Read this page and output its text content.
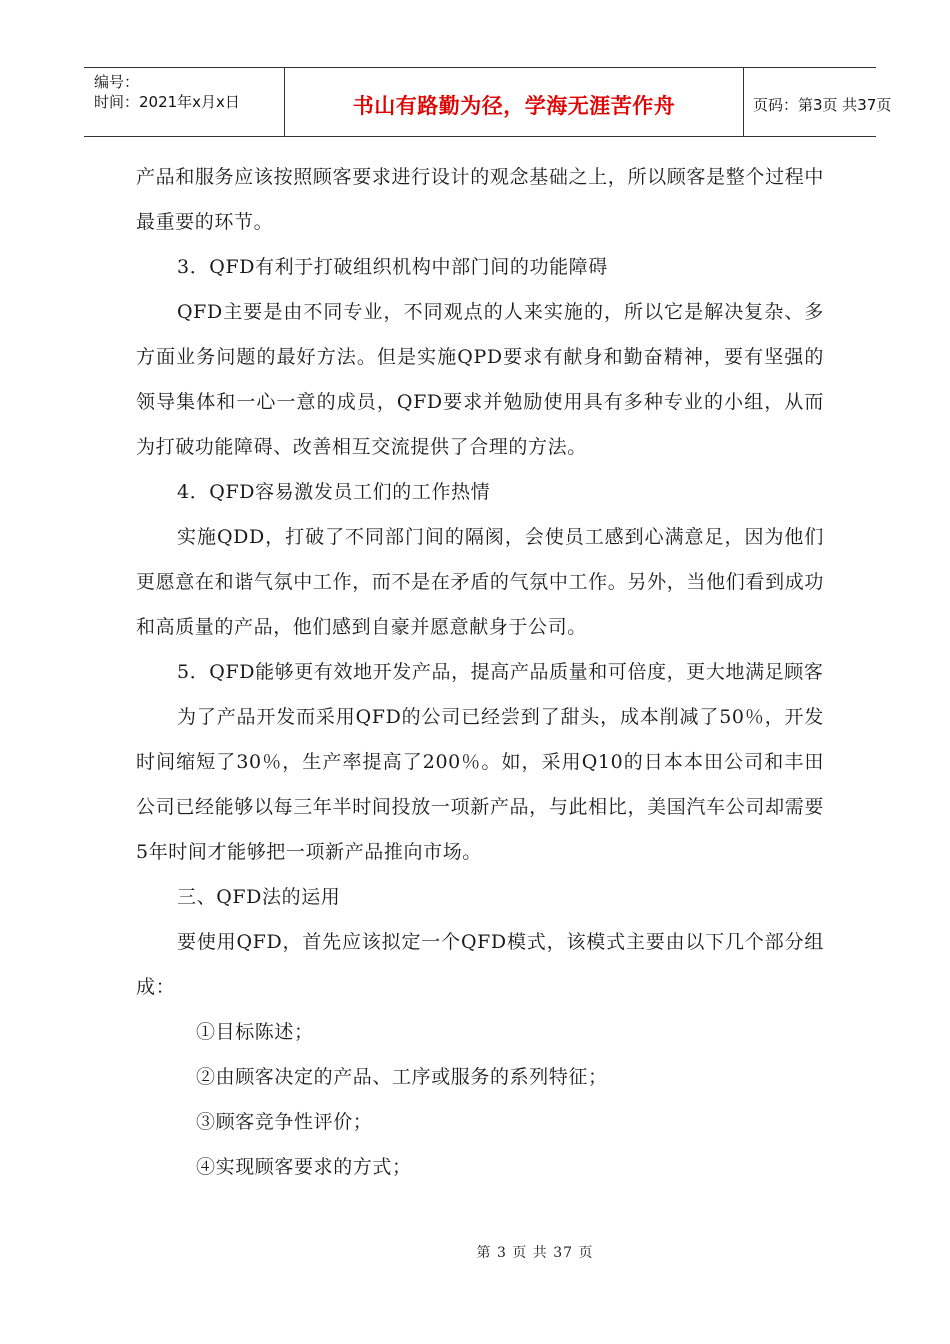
编号：
时间：2021年x月x日	书山有路勤为径，学海无涯苦作舟	页码：第3页 共37页

产品和服务应该按照顾客要求进行设计的观念基础之上，所以顾客是整个过程中最重要的环节。

3．QFD有利于打破组织机构中部门间的功能障碍

QFD主要是由不同专业，不同观点的人来实施的，所以它是解决复杂、多方面业务问题的最好方法。但是实施QPD要求有献身和勤奋精神，要有坚强的领导集体和一心一意的成员，QFD要求并勉励使用具有多种专业的小组，从而为打破功能障碍、改善相互交流提供了合理的方法。

4．QFD容易激发员工们的工作热情

实施QDD，打破了不同部门间的隔阂，会使员工感到心满意足，因为他们更愿意在和谐气氛中工作，而不是在矛盾的气氛中工作。另外，当他们看到成功和高质量的产品，他们感到自豪并愿意献身于公司。

5．QFD能够更有效地开发产品，提高产品质量和可倍度，更大地满足顾客

为了产品开发而采用QFD的公司已经尝到了甜头，成本削减了50％，开发时间缩短了30％，生产率提高了200％。如，采用Q10的日本本田公司和丰田公司已经能够以每三年半时间投放一项新产品，与此相比，美国汽车公司却需要5年时间才能够把一项新产品推向市场。

三、QFD法的运用

要使用QFD，首先应该拟定一个QFD模式，该模式主要由以下几个部分组成：

①目标陈述；

②由顾客决定的产品、工序或服务的系列特征；

③顾客竞争性评价；

④实现顾客要求的方式；

第 3 页 共 37 页
